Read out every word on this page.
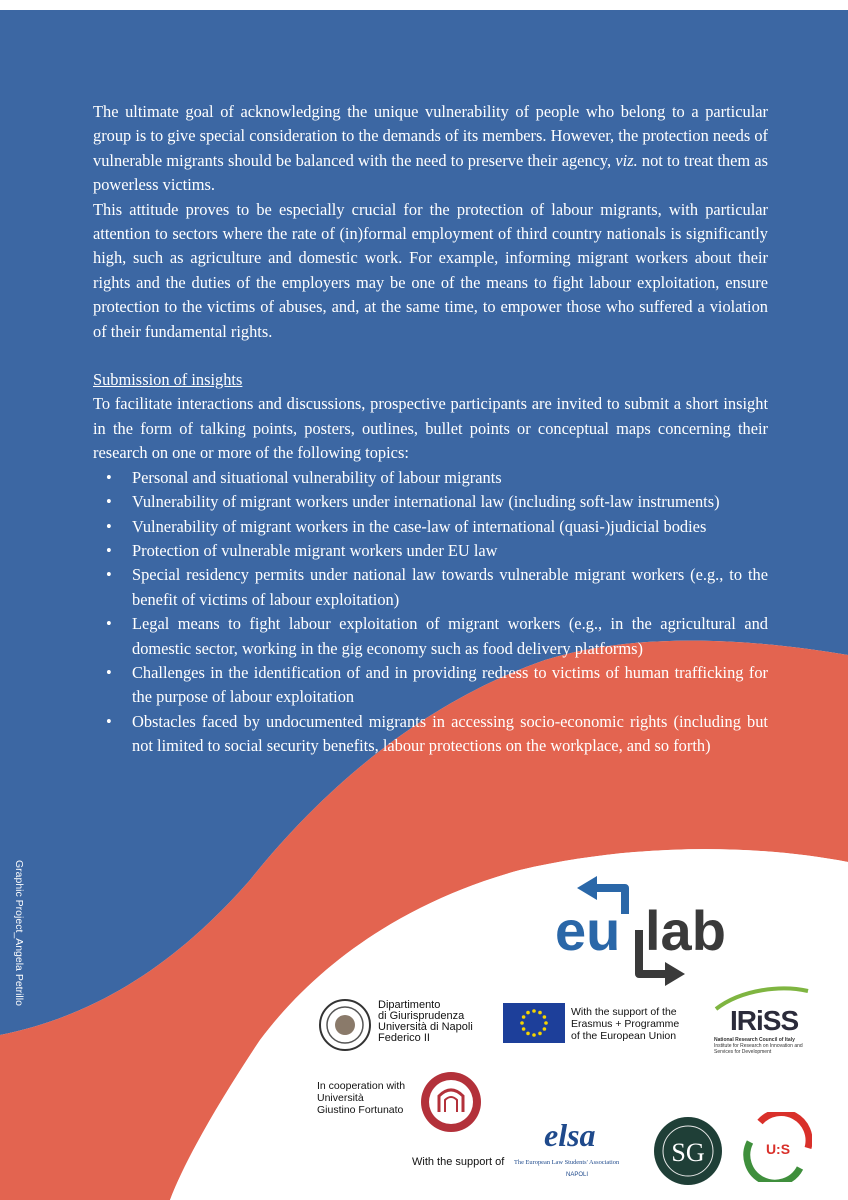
The ultimate goal of acknowledging the unique vulnerability of people who belong to a particular group is to give special consideration to the demands of its members. However, the protection needs of vulnerable migrants should be balanced with the need to preserve their agency, viz. not to treat them as powerless victims.

This attitude proves to be especially crucial for the protection of labour migrants, with particular attention to sectors where the rate of (in)formal employment of third country nationals is significantly high, such as agriculture and domestic work. For example, informing migrant workers about their rights and the duties of the employers may be one of the means to fight labour exploitation, ensure protection to the victims of abuses, and, at the same time, to empower those who suffered a violation of their fundamental rights.

Submission of insights

To facilitate interactions and discussions, prospective participants are invited to submit a short insight in the form of talking points, posters, outlines, bullet points or conceptual maps concerning their research on one or more of the following topics:

• Personal and situational vulnerability of labour migrants
• Vulnerability of migrant workers under international law (including soft-law instruments)
• Vulnerability of migrant workers in the case-law of international (quasi-)judicial bodies
• Protection of vulnerable migrant workers under EU law
• Special residency permits under national law towards vulnerable migrant workers (e.g., to the benefit of victims of labour exploitation)
• Legal means to fight labour exploitation of migrant workers (e.g., in the agricultural and domestic sector, working in the gig economy such as food delivery platforms)
• Challenges in the identification of and in providing redress to victims of human trafficking for the purpose of labour exploitation
• Obstacles faced by undocumented migrants in accessing socio-economic rights (including but not limited to social security benefits, labour protections on the workplace, and so forth)
Graphic Project_Angela Petrillo	eu lab
Dipartimento
di Giurisprudenza
Università di Napoli
Federico II
With the support of the
Erasmus + Programme
of the European Union IRiSS
National Research Council of Italy
Institute for Research on Innovation and Services for Development
In cooperation with
Università
Giustino Fortunato
With the support of
elsa
The European Law Students' Association
NAPOLI
SG	U:S
